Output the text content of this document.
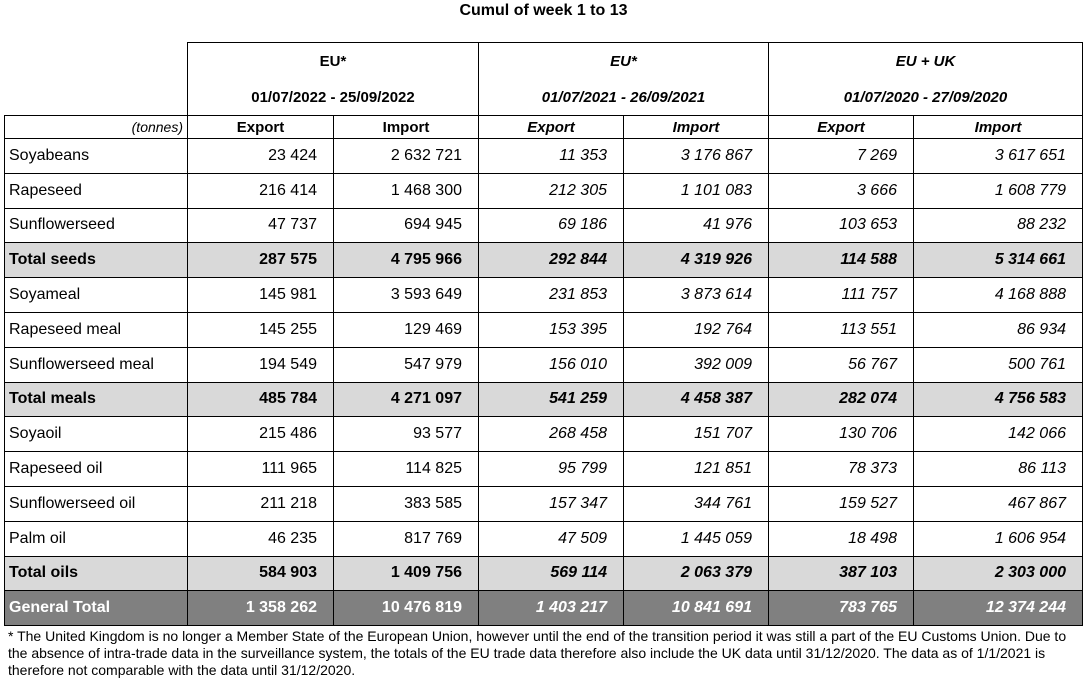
Cumul of week 1 to 13
	EU*		EU*		EU + UK	
	01/07/2022 - 25/09/2022		01/07/2021 - 26/09/2021		01/07/2020 - 27/09/2020	
(tonnes)	Export	Import	Export	Import	Export	Import
Soyabeans	23 424	2 632 721	11 353	3 176 867	7 269	3 617 651
Rapeseed	216 414	1 468 300	212 305	1 101 083	3 666	1 608 779
Sunflowerseed	47 737	694 945	69 186	41 976	103 653	88 232
Total seeds	287 575	4 795 966	292 844	4 319 926	114 588	5 314 661
Soyameal	145 981	3 593 649	231 853	3 873 614	111 757	4 168 888
Rapeseed meal	145 255	129 469	153 395	192 764	113 551	86 934
Sunflowerseed meal	194 549	547 979	156 010	392 009	56 767	500 761
Total meals	485 784	4 271 097	541 259	4 458 387	282 074	4 756 583
Soyaoil	215 486	93 577	268 458	151 707	130 706	142 066
Rapeseed oil	111 965	114 825	95 799	121 851	78 373	86 113
Sunflowerseed oil	211 218	383 585	157 347	344 761	159 527	467 867
Palm oil	46 235	817 769	47 509	1 445 059	18 498	1 606 954
Total oils	584 903	1 409 756	569 114	2 063 379	387 103	2 303 000
General Total	1 358 262	10 476 819	1 403 217	10 841 691	783 765	12 374 244
* The United Kingdom is no longer a Member State of the European Union, however until the end of the transition period it was still a part of the EU Customs Union. Due to the absence of intra-trade data in the surveillance system, the totals of the EU trade data therefore also include the UK data until 31/12/2020. The data as of 1/1/2021 is therefore not comparable with the data until 31/12/2020.
